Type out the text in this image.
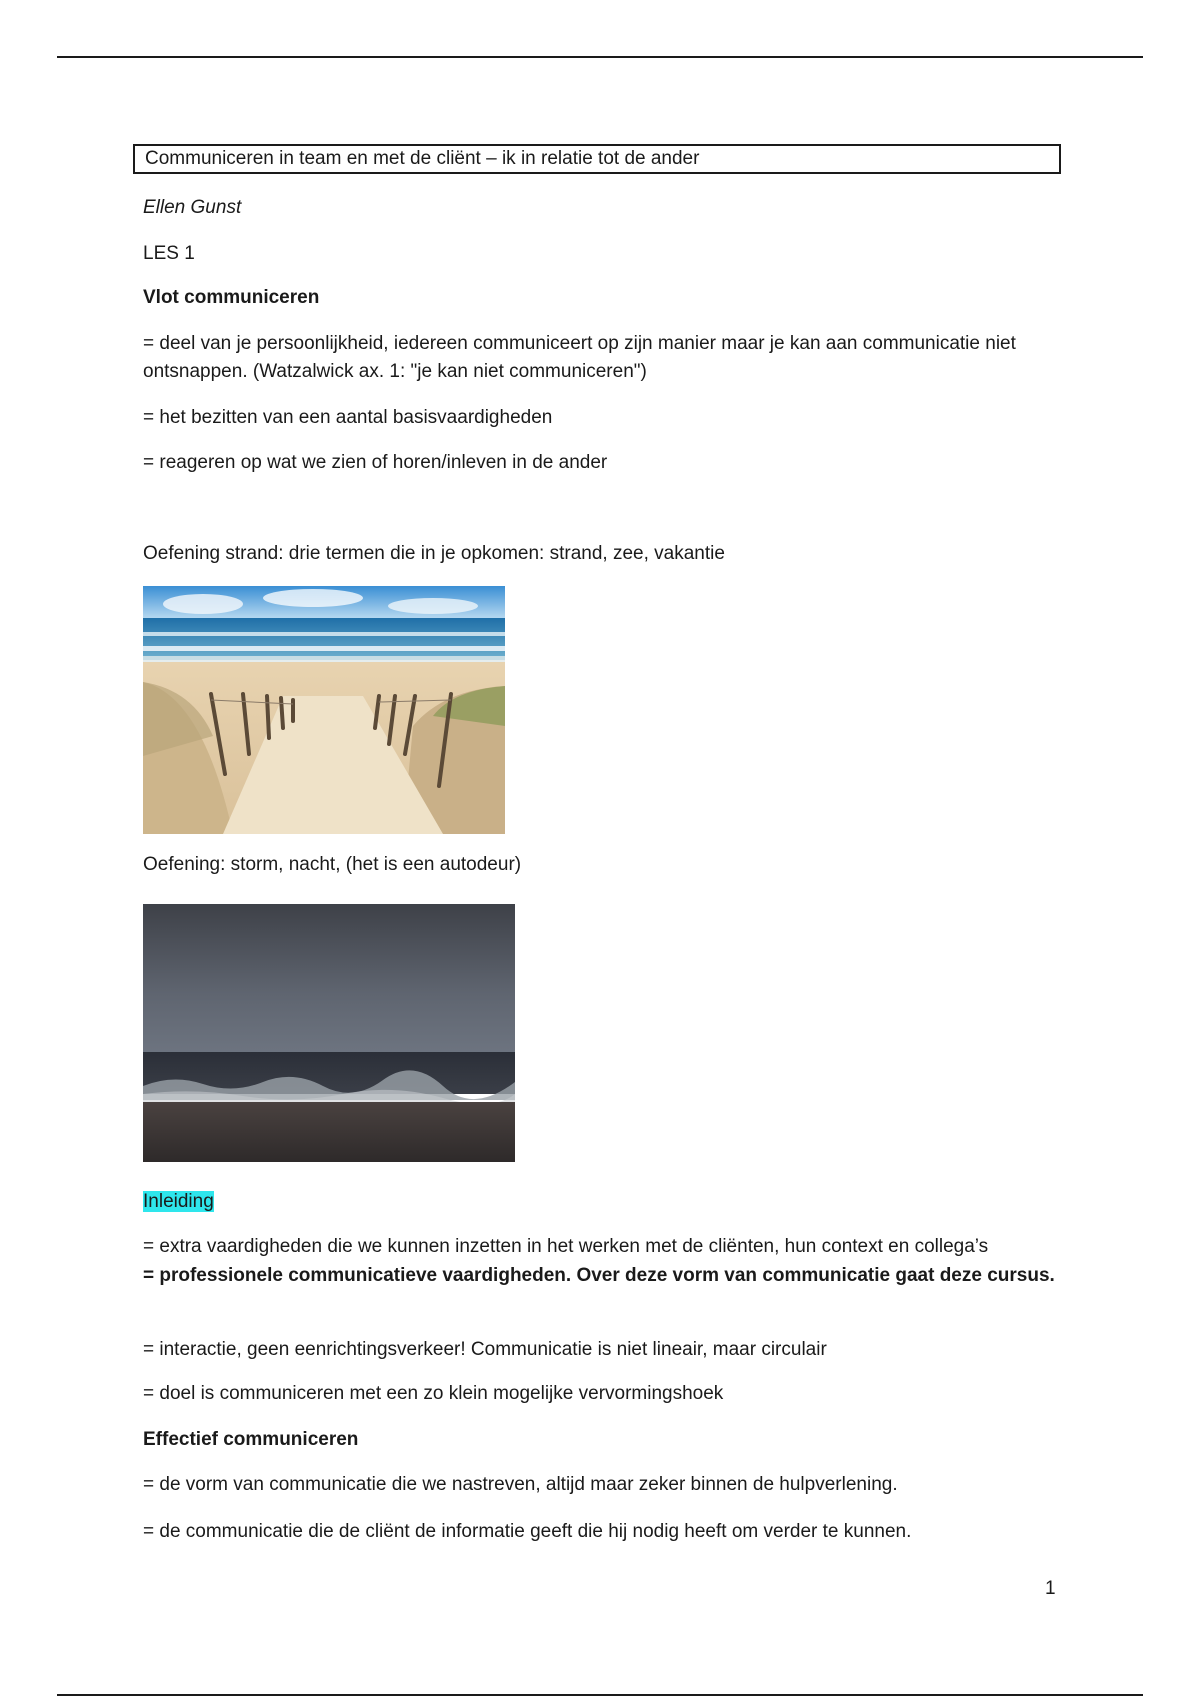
Communiceren in team en met de cliënt – ik in relatie tot de ander

Ellen Gunst

LES 1

Vlot communiceren

= deel van je persoonlijkheid, iedereen communiceert op zijn manier maar je kan aan communicatie niet ontsnappen. (Watzalwick ax. 1: "je kan niet communiceren")

= het bezitten van een aantal basisvaardigheden

= reageren op wat we zien of horen/inleven in de ander

Oefening strand: drie termen die in je opkomen: strand, zee, vakantie

Oefening: storm, nacht, (het is een autodeur)

Inleiding

= extra vaardigheden die we kunnen inzetten in het werken met de cliënten, hun context en collega’s

= professionele communicatieve vaardigheden. Over deze vorm van communicatie gaat deze cursus.

= interactie, geen eenrichtingsverkeer! Communicatie is niet lineair, maar circulair

= doel is communiceren met een zo klein mogelijke vervormingshoek

Effectief communiceren

= de vorm van communicatie die we nastreven, altijd maar zeker binnen de hulpverlening.

= de communicatie die de cliënt de informatie geeft die hij nodig heeft om verder te kunnen.

1
